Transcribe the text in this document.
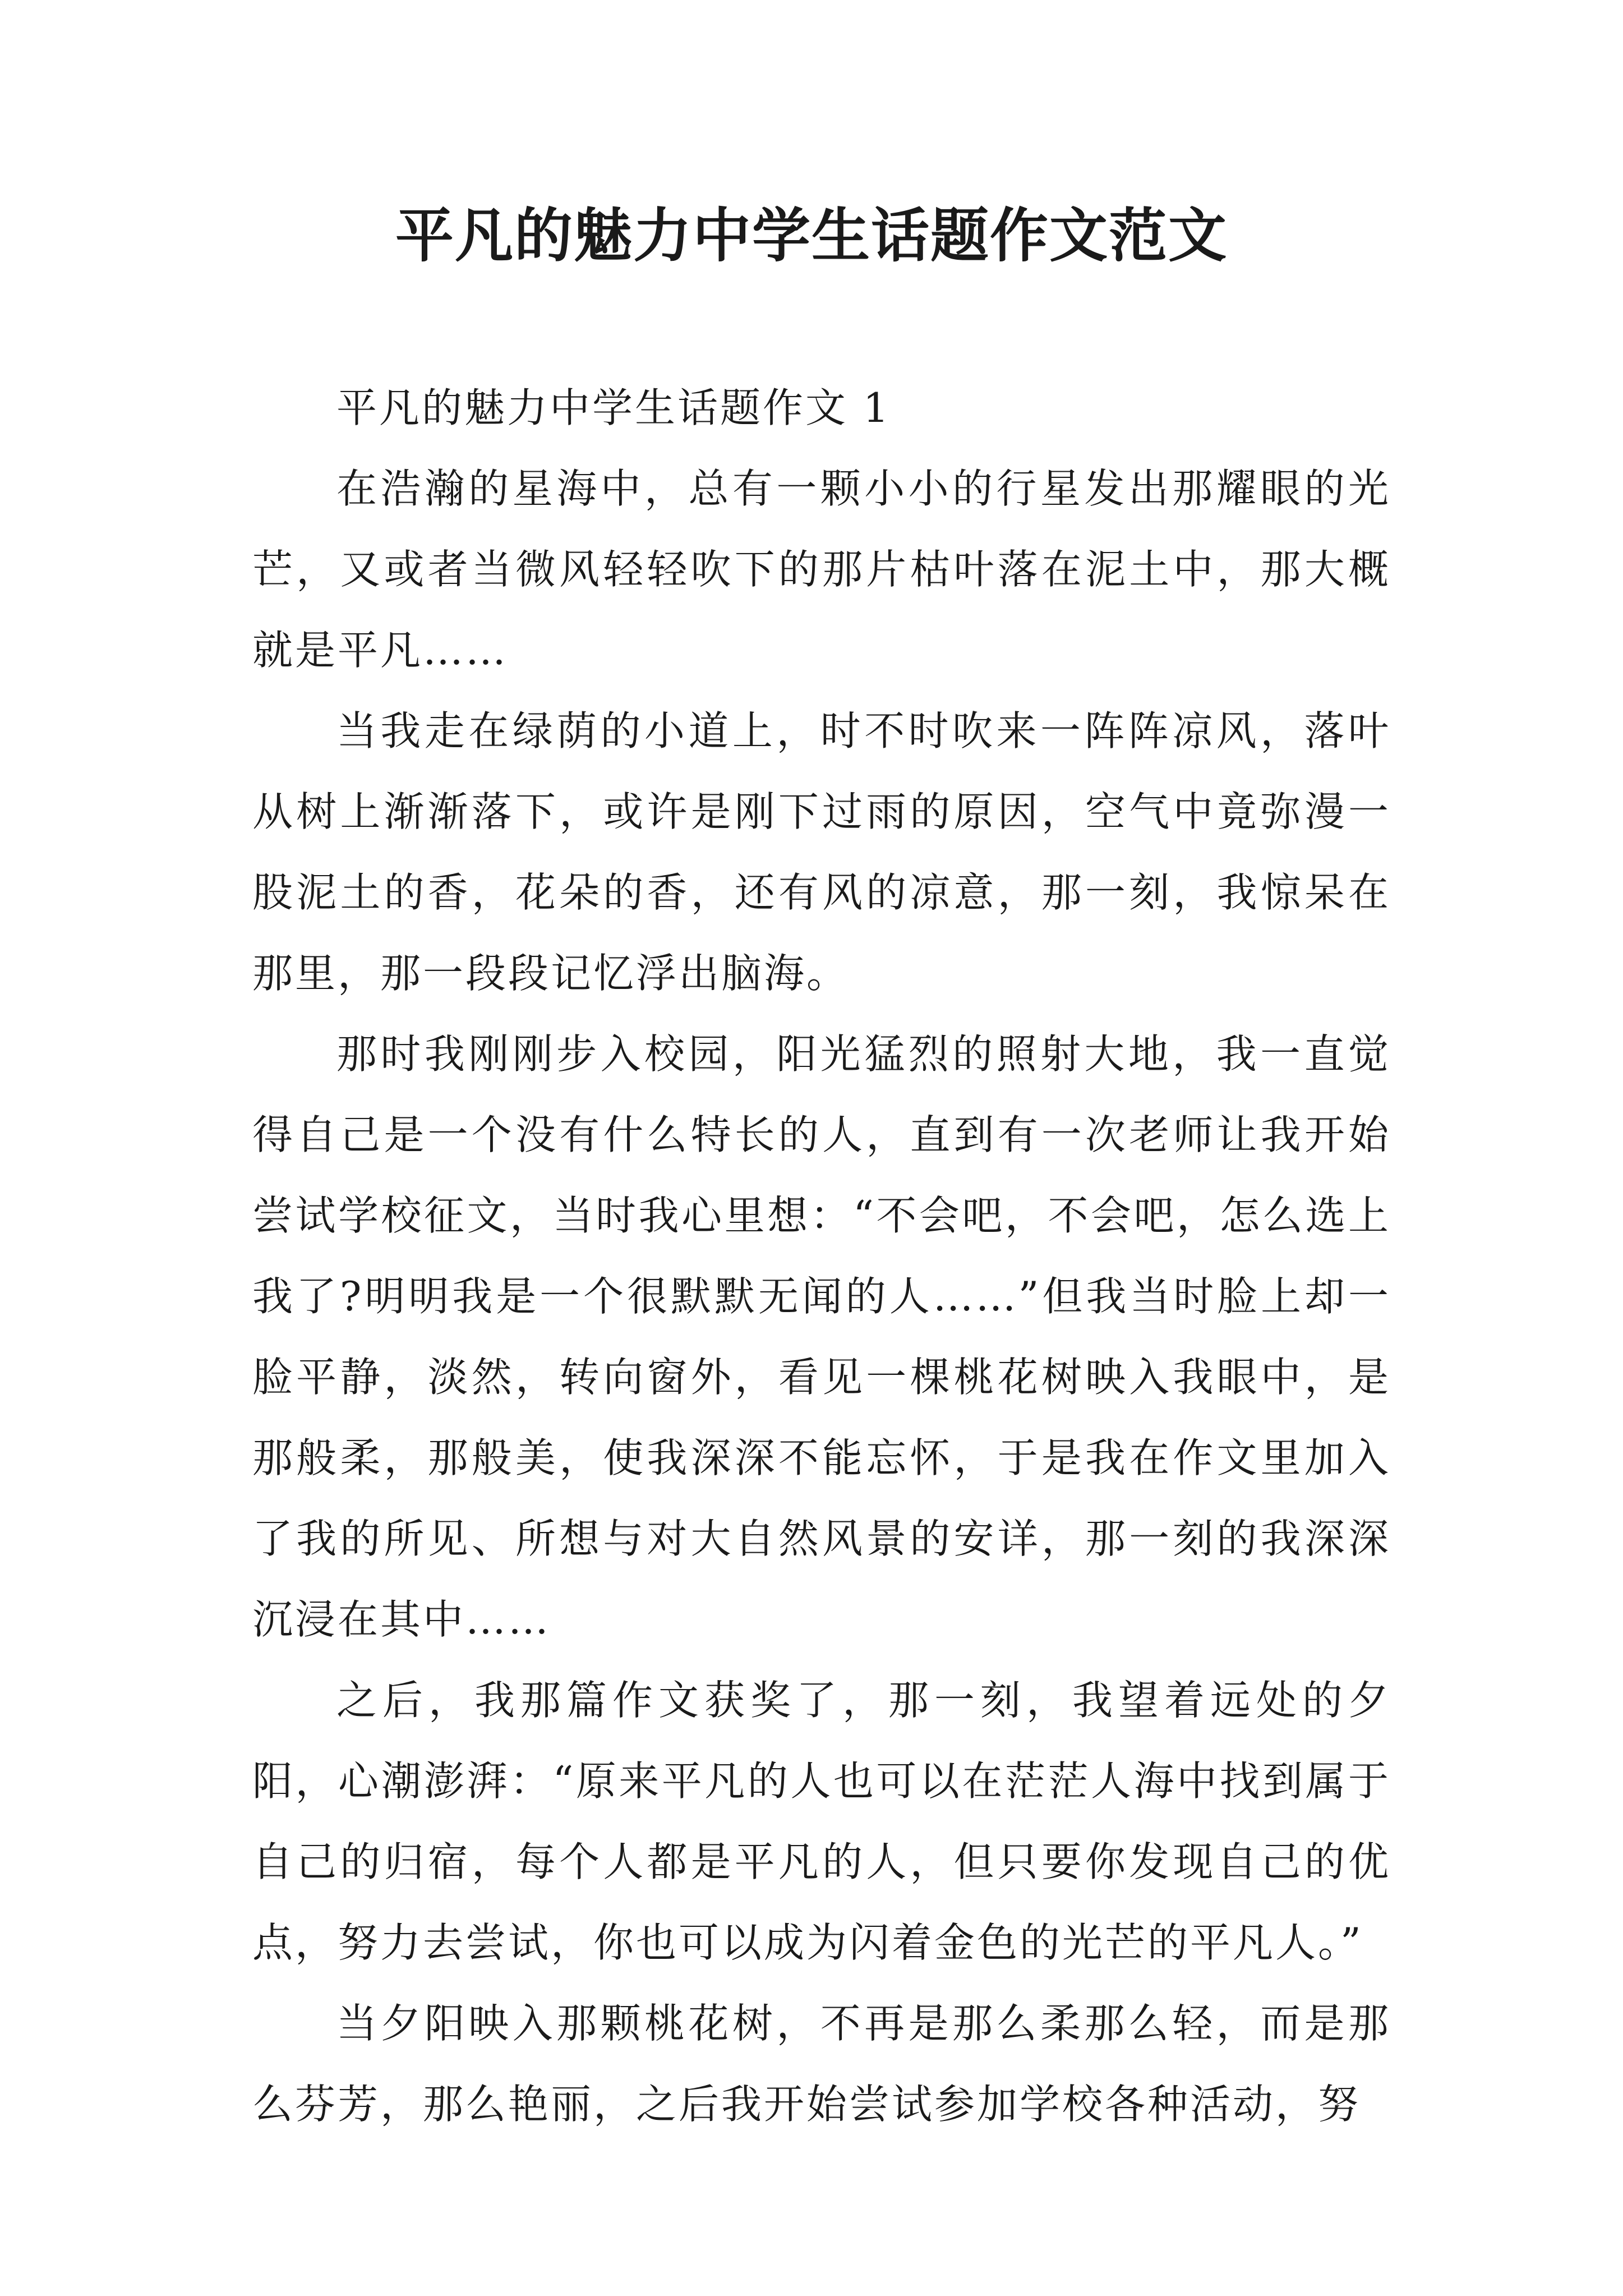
平凡的魅力中学生话题作文范文

平凡的魅力中学生话题作文 1

在浩瀚的星海中，总有一颗小小的行星发出那耀眼的光芒，又或者当微风轻轻吹下的那片枯叶落在泥土中，那大概就是平凡……

当我走在绿荫的小道上，时不时吹来一阵阵凉风，落叶从树上渐渐落下，或许是刚下过雨的原因，空气中竟弥漫一股泥土的香，花朵的香，还有风的凉意，那一刻，我惊呆在那里，那一段段记忆浮出脑海。

那时我刚刚步入校园，阳光猛烈的照射大地，我一直觉得自己是一个没有什么特长的人，直到有一次老师让我开始尝试学校征文，当时我心里想：“不会吧，不会吧，怎么选上我了?明明我是一个很默默无闻的人……”但我当时脸上却一脸平静，淡然，转向窗外，看见一棵桃花树映入我眼中，是那般柔，那般美，使我深深不能忘怀，于是我在作文里加入了我的所见、所想与对大自然风景的安详，那一刻的我深深沉浸在其中……

之后，我那篇作文获奖了，那一刻，我望着远处的夕阳，心潮澎湃：“原来平凡的人也可以在茫茫人海中找到属于自己的归宿，每个人都是平凡的人，但只要你发现自己的优点，努力去尝试，你也可以成为闪着金色的光芒的平凡人。”

当夕阳映入那颗桃花树，不再是那么柔那么轻，而是那么芬芳，那么艳丽，之后我开始尝试参加学校各种活动，努
